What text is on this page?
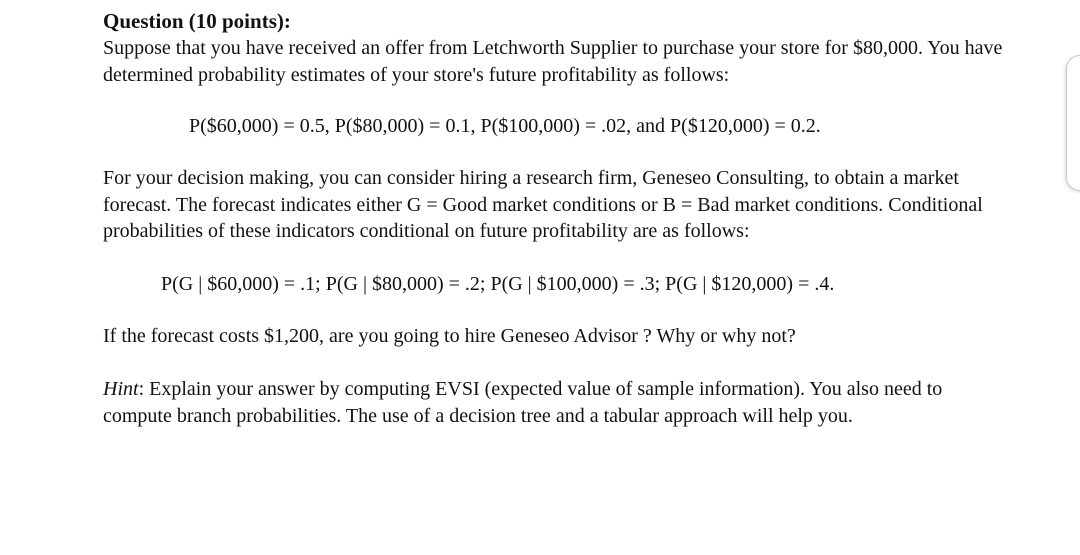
Question (10 points):

Suppose that you have received an offer from Letchworth Supplier to purchase your store for $80,000. You have determined probability estimates of your store's future profitability as follows:

P($60,000) = 0.5, P($80,000) = 0.1, P($100,000) = .02, and P($120,000) = 0.2.

For your decision making, you can consider hiring a research firm, Geneseo Consulting, to obtain a market forecast. The forecast indicates either G = Good market conditions or B = Bad market conditions. Conditional probabilities of these indicators conditional on future profitability are as follows:

P(G | $60,000) = .1; P(G | $80,000) = .2; P(G | $100,000) = .3; P(G | $120,000) = .4.

If the forecast costs $1,200, are you going to hire Geneseo Advisor ? Why or why not?

Hint: Explain your answer by computing EVSI (expected value of sample information). You also need to compute branch probabilities. The use of a decision tree and a tabular approach will help you.
